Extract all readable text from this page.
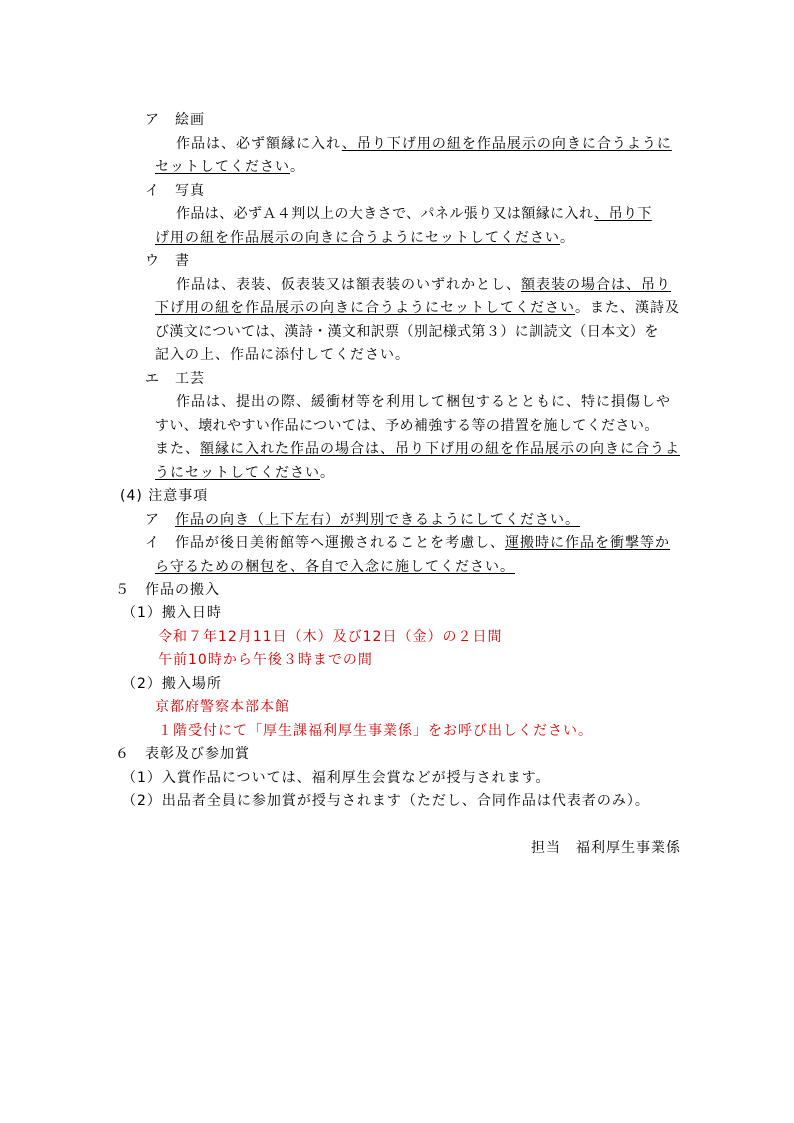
ア　絵画
作品は、必ず額縁に入れ、吊り下げ用の紐を作品展示の向きに合うように
セットしてください。
イ　写真
作品は、必ずＡ４判以上の大きさで、パネル張り又は額縁に入れ、吊り下
げ用の紐を作品展示の向きに合うようにセットしてください。
ウ　書
作品は、表装、仮表装又は額表装のいずれかとし、額表装の場合は、吊り
下げ用の紐を作品展示の向きに合うようにセットしてください。また、漢詩及
び漢文については、漢詩・漢文和訳票（別記様式第３）に訓読文（日本文）を
記入の上、作品に添付してください。
エ　工芸
作品は、提出の際、緩衝材等を利用して梱包するとともに、特に損傷しや
すい、壊れやすい作品については、予め補強する等の措置を施してください。
また、額縁に入れた作品の場合は、吊り下げ用の紐を作品展示の向きに合うよ
うにセットしてください。
(4) 注意事項
ア　 作品の向き（上下左右）が判別できるようにしてください。
イ　 作品が後日美術館等へ運搬されることを考慮し、運搬時に作品を衝撃等か
ら守るための梱包を、各自で入念に施してください。
５　作品の搬入
（1）搬入日時
令和７年12月11日（木）及び12日（金）の２日間
午前10時から午後３時までの間
（2）搬入場所
京都府警察本部本館
１階受付にて「厚生課福利厚生事業係」をお呼び出しください。
６　表彰及び参加賞
（1）入賞作品については、福利厚生会賞などが授与されます。
（2）出品者全員に参加賞が授与されます（ただし、合同作品は代表者のみ）。
担当　福利厚生事業係
